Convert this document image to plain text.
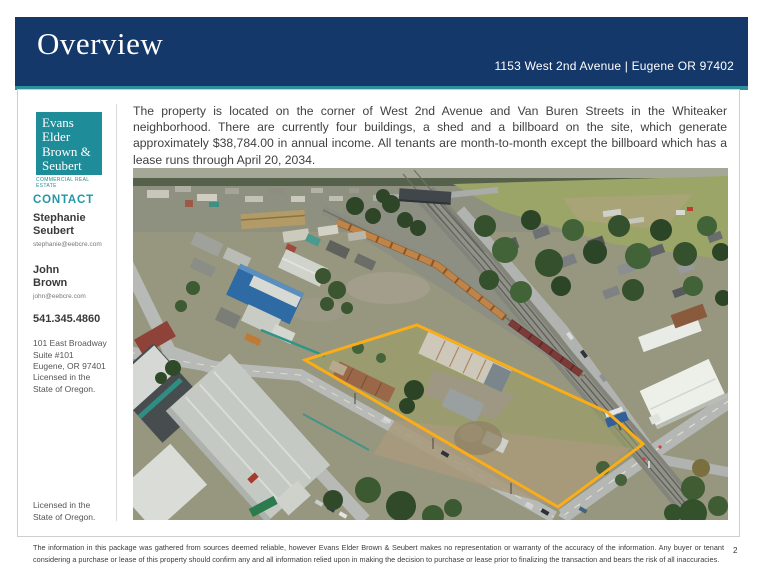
Overview
1153 West 2nd Avenue | Eugene OR 97402
Evans
Elder
Brown &
Seubert
COMMERCIAL REAL ESTATE
CONTACT
Stephanie
Seubert
stephanie@eebcre.com
John
Brown
john@eebcre.com
541.345.4860
101 East Broadway
Suite #101
Eugene, OR 97401
Licensed in the
State of Oregon.
Licensed in the
State of Oregon.
The property is located on the corner of West 2nd Avenue and Van Buren Streets in the Whiteaker neighborhood. There are currently four buildings, a shed and a billboard on the site, which generate approximately $38,784.00 in annual income. All tenants are month-to-month except the billboard which has a lease runs through April 20, 2034.
The information in this package was gathered from sources deemed reliable, however Evans Elder Brown & Seubert makes no representation or warranty of the accuracy of the information. Any buyer or tenant considering a purchase or lease of this property should confirm any and all information relied upon in making the decision to purchase or lease prior to finalizing the transaction and bears the risk of all inaccuracies.
2
